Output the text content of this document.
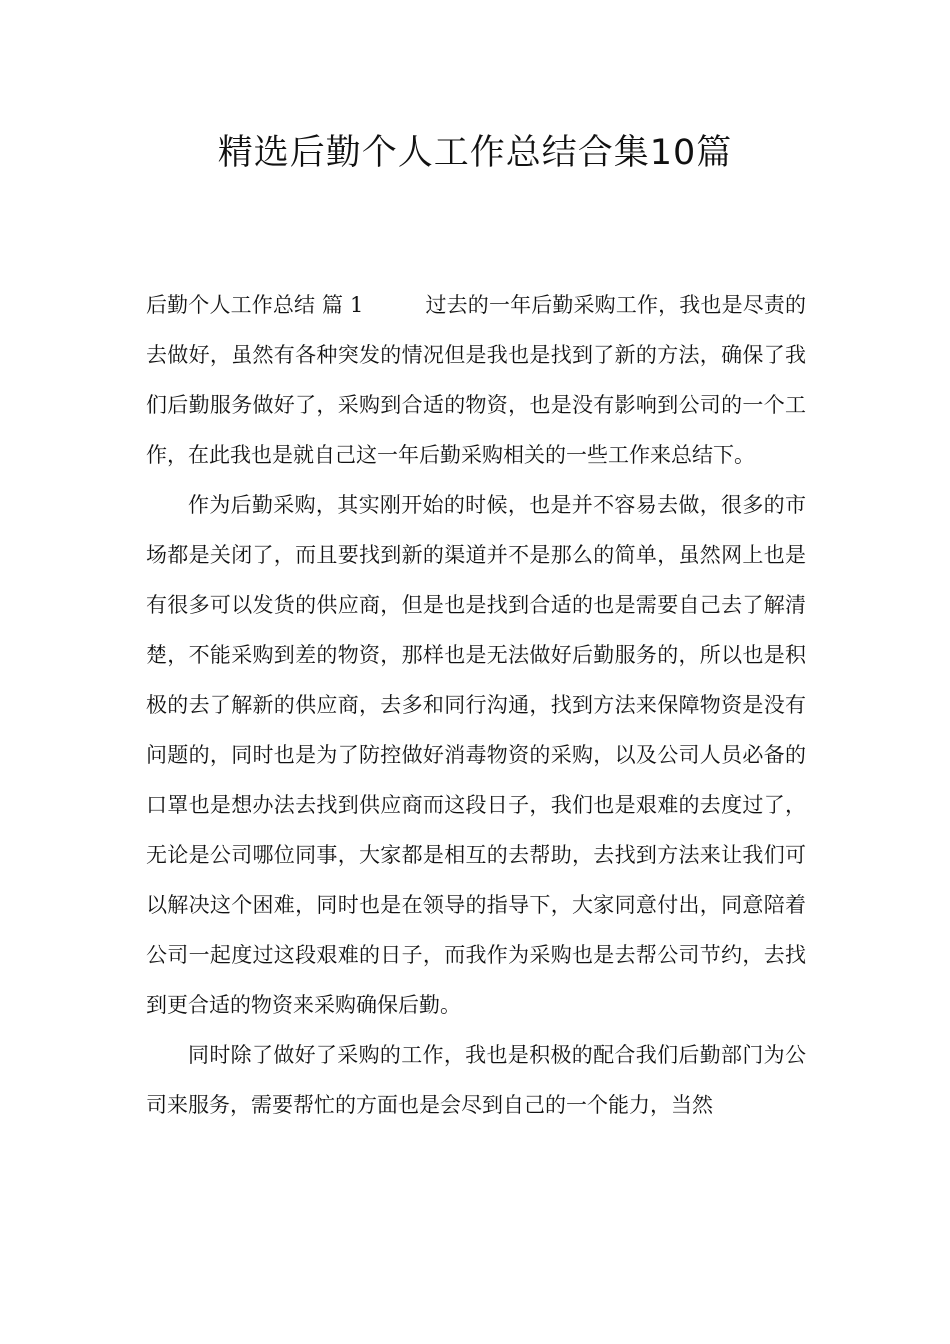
精选后勤个人工作总结合集10篇

后勤个人工作总结 篇 1	过去的一年后勤采购工作，我也是尽责的去做好，虽然有各种突发的情况但是我也是找到了新的方法，确保了我们后勤服务做好了，采购到合适的物资，也是没有影响到公司的一个工作，在此我也是就自己这一年后勤采购相关的一些工作来总结下。

作为后勤采购，其实刚开始的时候，也是并不容易去做，很多的市场都是关闭了，而且要找到新的渠道并不是那么的简单，虽然网上也是有很多可以发货的供应商，但是也是找到合适的也是需要自己去了解清楚，不能采购到差的物资，那样也是无法做好后勤服务的，所以也是积极的去了解新的供应商，去多和同行沟通，找到方法来保障物资是没有问题的，同时也是为了防控做好消毒物资的采购，以及公司人员必备的口罩也是想办法去找到供应商而这段日子，我们也是艰难的去度过了，无论是公司哪位同事，大家都是相互的去帮助，去找到方法来让我们可以解决这个困难，同时也是在领导的指导下，大家同意付出，同意陪着公司一起度过这段艰难的日子，而我作为采购也是去帮公司节约，去找到更合适的物资来采购确保后勤。

同时除了做好了采购的工作，我也是积极的配合我们后勤部门为公司来服务，需要帮忙的方面也是会尽到自己的一个能力，当然
